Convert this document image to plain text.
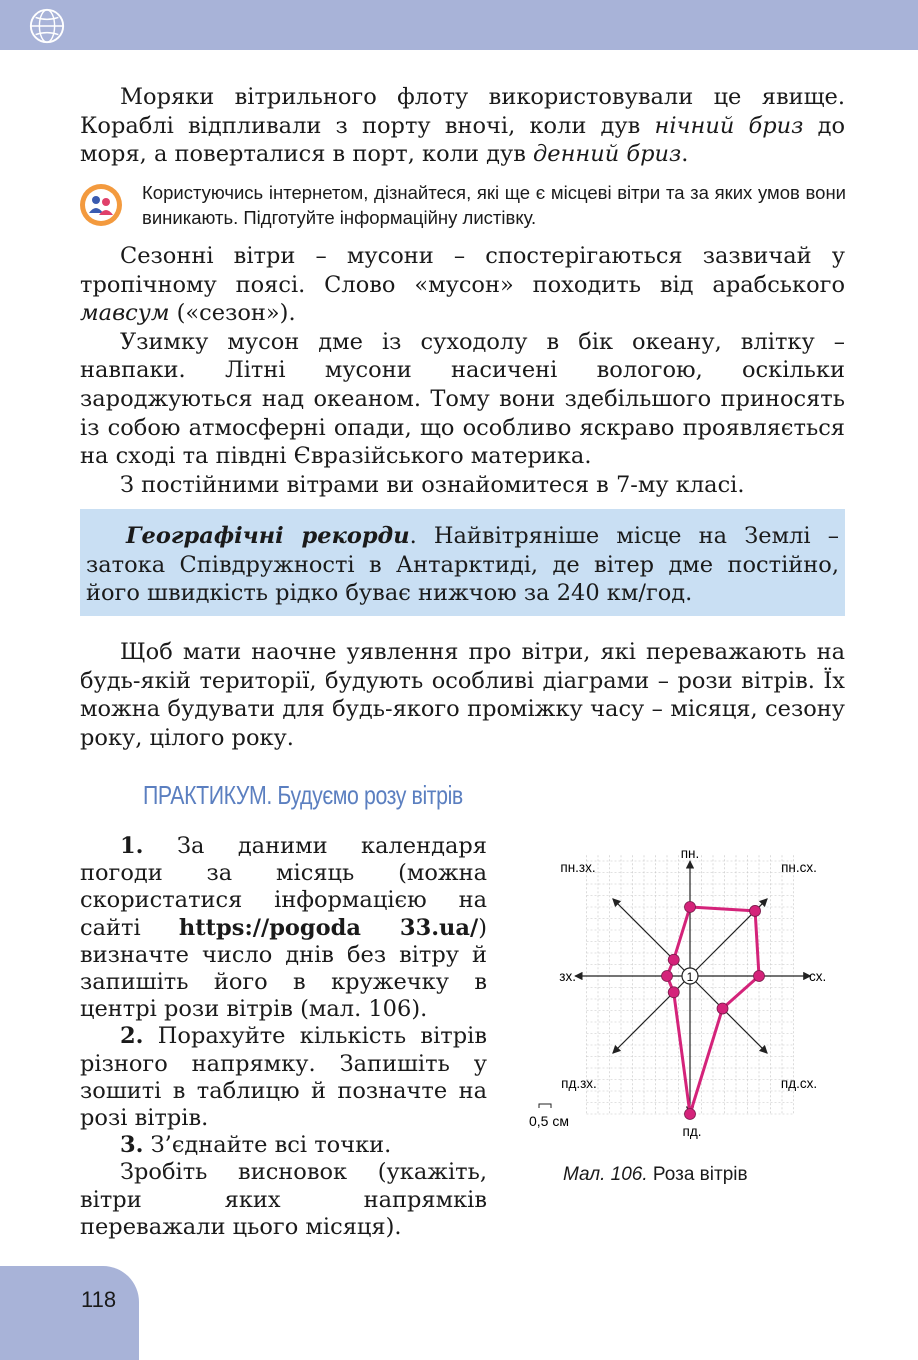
Моряки вітрильного флоту використовували це явище. Кораблі відпливали з порту вночі, коли дув нічний бриз до моря, а поверталися в порт, коли дув денний бриз.

Користуючись інтернетом, дізнайтеся, які ще є місцеві вітри та за яких умов вони виникають. Підготуйте інформаційну листівку.

Сезонні вітри – мусони – спостерігаються зазвичай у тропічному поясі. Слово «мусон» походить від арабського мавсум («сезон»).

Узимку мусон дме із суходолу в бік океану, влітку – навпаки. Літні мусони насичені вологою, оскільки зароджуються над океаном. Тому вони здебільшого приносять із собою атмосферні опади, що особливо яскраво проявляється на сході та півдні Євразійського материка.

З постійними вітрами ви ознайомитеся в 7-му класі.

Географічні рекорди. Найвітряніше місце на Землі – затока Співдружності в Антарктиді, де вітер дме постійно, його швидкість рідко буває нижчою за 240 км/год.

Щоб мати наочне уявлення про вітри, які переважають на будь-якій території, будують особливі діаграми – рози вітрів. Їх можна будувати для будь-якого проміжку часу – місяця, сезону року, цілого року.

ПРАКТИКУМ. Будуємо розу вітрів

1. За даними календаря погоди за місяць (можна скористатися інформацією на сайті https://pogoda 33.ua/) визначте число днів без вітру й запишіть його в кружечку в центрі рози вітрів (мал. 106).

2. Порахуйте кількість вітрів різного напрямку. Запишіть у зошиті в таблицю й позначте на розі вітрів.

3. З’єднайте всі точки.

Зробіть висновок (укажіть, вітри яких напрямків переважали цього місяця).

1
пн.
пн.сх.
сх.
пд.сх.
пд.
пд.зх.
зх.
пн.зх.
0,5 см
Мал. 106. Роза вітрів
118
